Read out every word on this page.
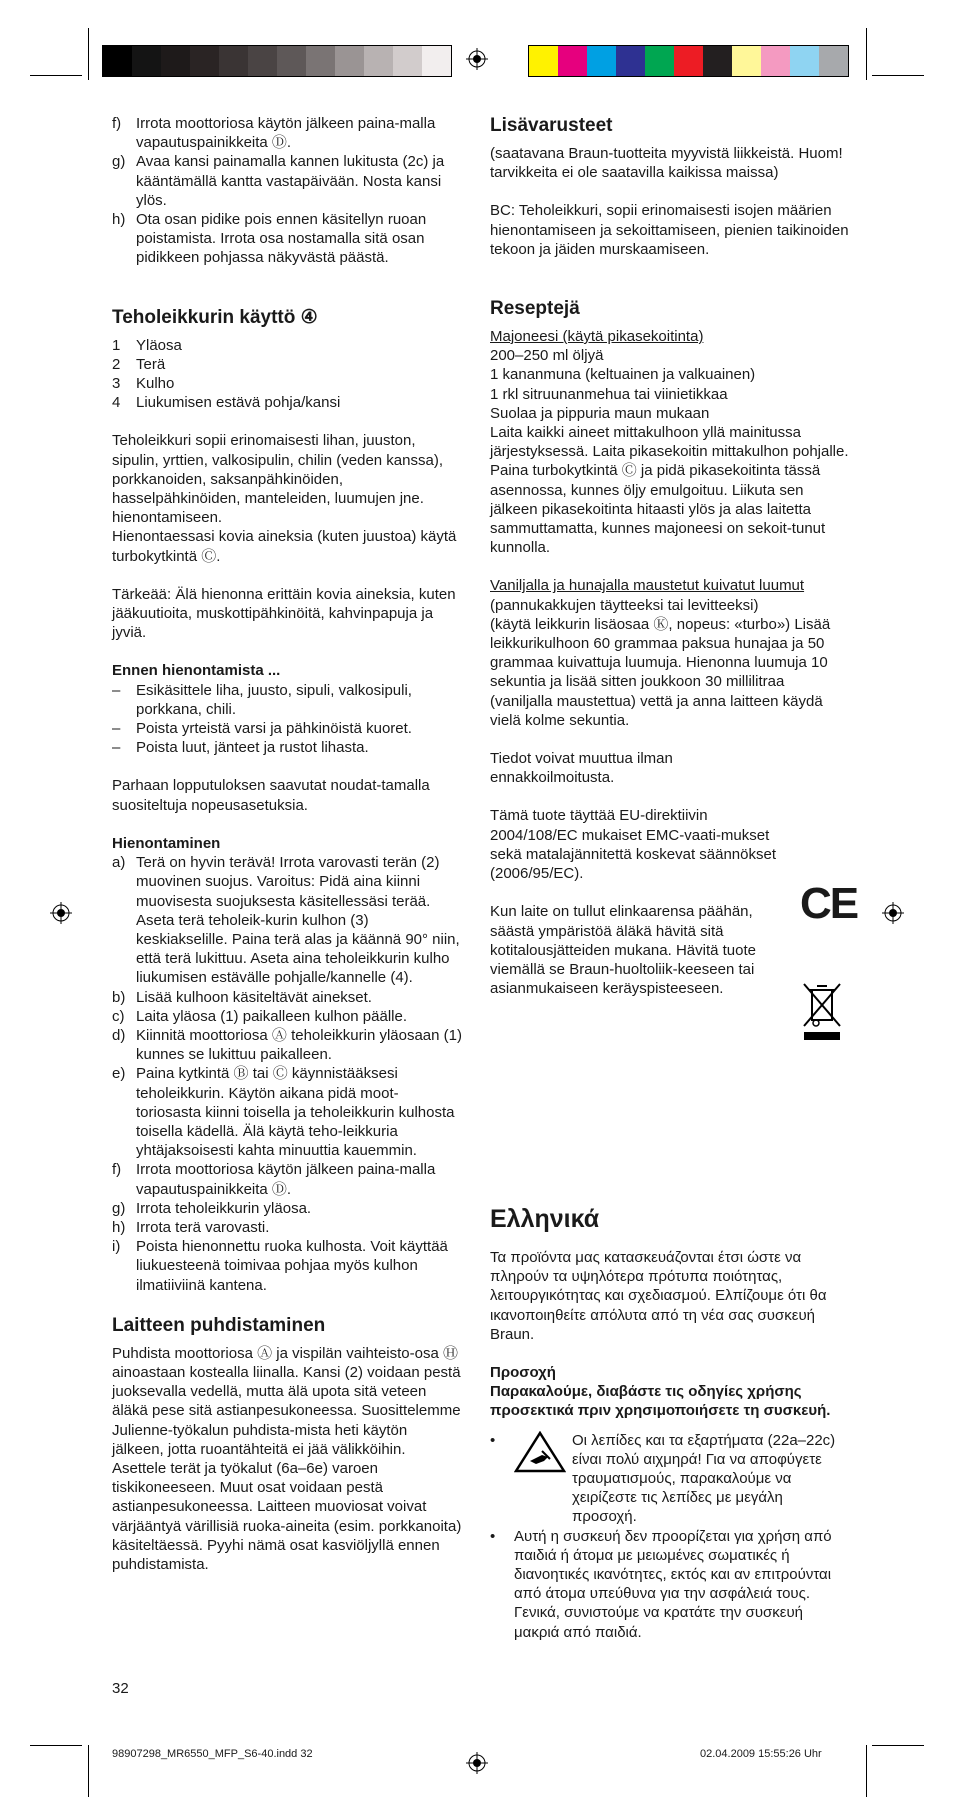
f) Irrota moottoriosa käytön jälkeen paina-malla vapautuspainikkeita Ⓓ.
g) Avaa kansi painamalla kannen lukitusta (2c) ja kääntämällä kantta vastapäivään. Nosta kansi ylös.
h) Ota osan pidike pois ennen käsitellyn ruoan poistamista. Irrota osa nostamalla sitä osan pidikkeen pohjassa näkyvästä päästä.
Teholeikkurin käyttö ④
1	Yläosa
2	Terä
3	Kulho
4	Liukumisen estävä pohja/kansi

Teholeikkuri sopii erinomaisesti lihan, juuston, sipulin, yrttien, valkosipulin, chilin (veden kanssa), porkkanoiden, saksanpähkinöiden, hasselpähkinöiden, manteleiden, luumujen jne. hienontamiseen.

Hienontaessasi kovia aineksia (kuten juustoa) käytä turbokytkintä Ⓒ.

Tärkeää: Älä hienonna erittäin kovia aineksia, kuten jääkuutioita, muskottipähkinöitä, kahvinpapuja ja jyviä.

Ennen hienontamista ...

–	Esikäsittele liha, juusto, sipuli, valkosipuli, porkkana, chili.
–	Poista yrteistä varsi ja pähkinöistä kuoret.
–	Poista luut, jänteet ja rustot lihasta.

Parhaan lopputuloksen saavutat noudat-tamalla suositeltuja nopeusasetuksia.

Hienontaminen

a) Terä on hyvin terävä! Irrota varovasti terän (2) muovinen suojus. Varoitus: Pidä aina kiinni muovisesta suojuksesta käsitellessäsi terää. Aseta terä teholeik-kurin kulhon (3) keskiakselille. Paina terä alas ja käännä 90° niin, että terä lukittuu. Aseta aina teholeikkurin kulho liukumisen estävälle pohjalle/kannelle (4).
b) Lisää kulhoon käsiteltävät ainekset.
c) Laita yläosa (1) paikalleen kulhon päälle.
d) Kiinnitä moottoriosa Ⓐ teholeikkurin yläosaan (1) kunnes se lukittuu paikalleen.
e) Paina kytkintä Ⓑ tai Ⓒ käynnistääksesi teholeikkurin. Käytön aikana pidä moot-toriosasta kiinni toisella ja teholeikkurin kulhosta toisella kädellä. Älä käytä teho-leikkuria yhtäjaksoisesti kahta minuuttia kauemmin.
f) Irrota moottoriosa käytön jälkeen paina-malla vapautuspainikkeita Ⓓ.
g) Irrota teholeikkurin yläosa.
h) Irrota terä varovasti.
i)	Poista hienonnettu ruoka kulhosta. Voit käyttää liukuesteenä toimivaa pohjaa myös kulhon ilmatiiviinä kantena.
Laitteen puhdistaminen

Puhdista moottoriosa Ⓐ ja vispilän vaihteisto-osa Ⓗ ainoastaan kostealla liinalla. Kansi (2) voidaan pestä juoksevalla vedellä, mutta älä upota sitä veteen äläkä pese sitä astianpesukoneessa. Suosittelemme Julienne-työkalun puhdista-mista heti käytön jälkeen, jotta ruoantähteitä ei jää välikköihin. Asettele terät ja työkalut (6a–6e) varoen tiskikoneeseen. Muut osat voidaan pestä astianpesukoneessa. Laitteen muoviosat voivat värjääntyä värillisiä ruoka-aineita (esim. porkkanoita) käsiteltäessä. Pyyhi nämä osat kasviöljyllä ennen puhdistamista.

Lisävarusteet

(saatavana Braun-tuotteita myyvistä liikkeistä. Huom! tarvikkeita ei ole saatavilla kaikissa maissa)

BC: Teholeikkuri, sopii erinomaisesti isojen määrien hienontamiseen ja sekoittamiseen, pienien taikinoiden tekoon ja jäiden murskaamiseen.

Reseptejä

Majoneesi (käytä pikasekoitinta)

200–250 ml öljyä

1 kananmuna (keltuainen ja valkuainen)

1 rkl sitruunanmehua tai viinietikkaa

Suolaa ja pippuria maun mukaan

Laita kaikki aineet mittakulhoon yllä mainitussa järjestyksessä. Laita pikasekoitin mittakulhon pohjalle. Paina turbokytkintä Ⓒ ja pidä pikasekoitinta tässä asennossa, kunnes öljy emulgoituu. Liikuta sen jälkeen pikasekoitinta hitaasti ylös ja alas laitetta sammuttamatta, kunnes majoneesi on sekoit-tunut kunnolla.

Vaniljalla ja hunajalla maustetut kuivatut luumut (pannukakkujen täytteeksi tai levitteeksi)

(käytä leikkurin lisäosaa Ⓚ, nopeus: «turbo») Lisää leikkurikulhoon 60 grammaa paksua hunajaa ja 50 grammaa kuivattuja luumuja. Hienonna luumuja 10 sekuntia ja lisää sitten joukkoon 30 millilitraa (vaniljalla maustettua) vettä ja anna laitteen käydä vielä kolme sekuntia.

Tiedot voivat muuttua ilman ennakkoilmoitusta.

Tämä tuote täyttää EU-direktiivin 2004/108/EC mukaiset EMC-vaati-mukset sekä matalajännitettä koskevat säännökset (2006/95/EC).

Kun laite on tullut elinkaarensa päähän, säästä ympäristöä äläkä hävitä sitä kotitalousjätteiden mukana. Hävitä tuote viemällä se Braun-huoltoliik-keeseen tai asianmukaiseen keräyspisteeseen.

CE
Ελληνικά

Τα προϊόντα μας κατασκευάζονται έτσι ώστε να πληρούν τα υψηλότερα πρότυπα ποιότητας, λειτουργικότητας και σχεδιασμού. Ελπίζουμε ότι θα ικανοποιηθείτε απόλυτα από τη νέα σας συσκευή Braun.

Προσοχή

Παρακαλούμε, διαβάστε τις οδηγίες χρήσης προσεκτικά πριν χρησιμοποιήσετε τη συσκευή.

•	Οι λεπίδες και τα εξαρτήματα (22a–22c) είναι πολύ αιχμηρά! Για να αποφύγετε τραυματισμούς, παρακαλούμε να χειρίζεστε τις λεπίδες με μεγάλη προσοχή.
•	Αυτή η συσκευή δεν προορίζεται για χρήση από παιδιά ή άτομα με μειωμένες σωματικές ή διανοητικές ικανότητες, εκτός και αν επιτρούνται από άτομα υπεύθυνα για την ασφάλειά τους. Γενικά, συνιστούμε να κρατάτε την συσκευή μακριά από παιδιά.
32
98907298_MR6550_MFP_S6-40.indd 32	02.04.2009 15:55:26 Uhr
